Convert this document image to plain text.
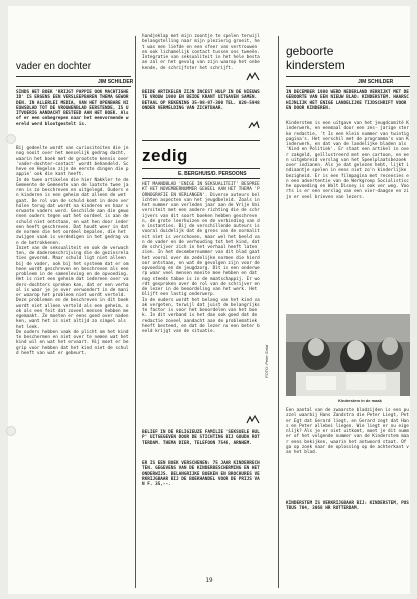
vader en dochter
JIM SCHILDER
SINDS HET BOEK 'KRIJGT PAPPIE OOK MACHTIGHEID' IS ERGENS EEN VERSLEEPBAREN THEMA GEWORDEN. IN ALLERLEI MEDIA, VAN HET OPENBARE NIEUWSBLAD TOT DE VROUWENBLAD EERSTENDE, IS UITVOERIG AANDACHT BESTEED AAN HET BOEK. Alsof er een onbegrepen naar het eenvormende wereld werd blootgestelt is.
Bij gedeelte wordt van curiositeiten die je nog nooit over het menselijk gedrag dacht, waarin het boek met de grootste kennis over 'vader-dochter-contact' wordt behandeld. Scheve en Hegelse zijn de eerste dingen die pappie' ook die kant heeft.
In de twee artikelen die hier Nakkler te de Gemeente de Gemeente van de laatste twee jaren is zo beschreven en uitgelegd. Ouders en kinderen is een geheim dat alleen de wet gaat. De rol van de schuld komt in deze verhalen terug dat wordt na kinderen en haar verwante vaders werd. Geschilde aan die gewonnen ouders tegen wat het oordeel is aan de schuld niet ontstaan, en wat hen door iedereen heeft geschreven. Dat houdt weer in dat de normen die het oordeel bepalen, die het zwijgen vaak is verdedigen in het gedrag van de betrokkenen.
Inzet van de seksualiteit en ook de verwachten, de daderomschrijving die de gezinsrelaties gevormd. Maar schuld ligt niet alleen bij de vader, ook bij het systeem dat er omheen wordt geschreven en beschreven als een probleem in de samenleving en de opvoeding. Het is niet een geheim dat iedereen over vaders-dochters spreken kan, dat er een verhaal is waar je je over verwondert in de manier waarop het probleem niet wordt verteld. Deze problemen en de beschreven in dit boek wordt niet alleen verteld als een geheim, ook als een feit dat zoveel mensen hebben meegemaakt. Ze moeten er eens goed over nadenken, want het is niet altijd zo simpel als het leek.
De ouders hebben vaak de plicht om het kind te beschermen en niet over te nemen wat het kind wil en wat het ervaart. Hij moet er begrip voor hebben dat het kind niet de schuld heeft van wat er gebeurt.
handjeklap met mijn zoontje te spelen terwijl belangstelling naar mijn plezierig groeit, het was een liefde en een sfeer van vertrouwen en ook lichamelijk contact tussen ons tweeën. Integratie van seksualiteit in het hele bestaan zal er het gevolg van zijn waarop het onbekende, de schrijfster het schrijft.
BEIDE ARTIKELEN ZIJN INCEST HULP IN DE NIEUWSTE VROUW 1980 EN BEIDE KRANT UITGAVEN SAMEN. BETAAL OP REKENING 35-98-97-300 TEL. 020-5948 ONDER VERMELDING VAN ZICHTBAAR.
zedig
E. BERGHUIS/D. PERSOONS
HET MAANDBLAD 'ENIGE IN SEKSUALITEIT' BESPREEKT HET NOVEMBERNUMMER GEHEEL AAN HET THEMA 'PORNOGRAFIE EN VERLANGEN'. Diverse auteurs belichten aspecten van het jeugdbeleid. Zoals in het nummer van verleden jaar aan de Vrije Universiteit met een andere richting die de schrijvers van dit soort boeken hebben geschreven, de grote leerhuizen en de verbinding van de instanties. Bij de verschillende auteurs is vooral duidelijk dat de grens van de normaliteit niet is verschoven, maar wel het beeld van de vader en de verhouding tot het kind, dat de schrijver zich in het verhaal heeft laten zien. In het decembernummer van dit blad gaat het vooral over de zedelijke normen die hierdoor ontstaan, en wat de gevolgen zijn voor de opvoeding en de jeugdzorg. Dit is een onderwerp waar veel mensen moeite mee hebben en dat nog steeds taboe is in de maatschappij. Er wordt gesproken over de rol van de schrijver en de lezer in de beoordeling van het werk. Het blijft een lastig onderwerp.
In de ouders wordt het belang van het kind vaak vergeten, terwijl dat juist de belangrijkste factor is voor het beoordelen van het boek. In dit verband is het dan ook goed dat de redactie zoveel aandacht aan de problematiek heeft besteed, en dat de lezer nu een beter beeld krijgt van de situatie.
BELIEF IN DE RELIGIEUZE FAMILIE 'SEKSUELE HULP' UITGEGEVEN DOOR DE STICHTING BIJ GOUDA ROTTERDAM. THEMA DIER, TELEFOON 7546, ARNHEM.
ER IS EEN BOEK VERSCHENEN: 75 JAAR KINDERRECHTEN. GEGEVENS VAN DE KINDERBESCHERMING EN HET ONDERWIJS. BELANGRIJKE BOEKEN EN BROCHURES VERKRIJGBAAR BIJ DE BOEKHANDEL VOOR DE PRIJS VAN F. 35,--.
geboorte
kinderstem
JIM SCHILDER
IN DECEMBER 1980 WERD NEDERLAND VERRIJKT MET DE GEBOORTE VAN EEN NIEUW BLAD: KINDERSTEM. HAARSCHIJNLIJK HET ENIGE LANDELIJKE TIJDSCHRIFT VOOR EN DOOR KINDEREN.
Kinderstem is een uitgave van het jeugdcomité Kinderwerk, en eenmaal door een zes- jarige sterke redactie, 't Is een klein nummer van twintig pagina's. Het verschil met de programma's van Kinderwerk, en dat van de landelijke bladen als 'Kind en Politiek'. Er staat een artikel in over zakgeld, geïllustreerd met een cartoon, en een uitgebreid verslag van het Speelplaatsbezoek over indianen. Als je dat gelezen hebt, lijkt indiaantje spelen in eens niet zo'n kinderlijke bezigheid. Er is een filmpagina met recensies en een advertentie van de Werkgroep Socialistische opvoeding en Walt Disney is ook ver weg. Voorts is er een verslag van een vier-daagse en zijn er veel brieven van lezers.
FOTO: Peter Smid
Kinderstem in de maak
Een aantal van de zwaarste bladzijden is een puzzel waarbij Hans Zandstra die Peter Liegt, Peter Egt dat Gerard liegt, en Gerard zegt dat Hans en Peter allebei liegen. Wie liegt er nu eigenlijk? Als je er niet uitkomt, moet je dit nummer of het volgende nummer van de Kinderstem maar eens bekijken, waarin het antwoord staat. Of ga op zoek naar de oplossing op de achterkant van het blad.
KINDERSTEM IS VERKRIJGBAAR BIJ: KINDERSTEM, POSTBUS 704, 3068 HR ROTTERDAM.
19
